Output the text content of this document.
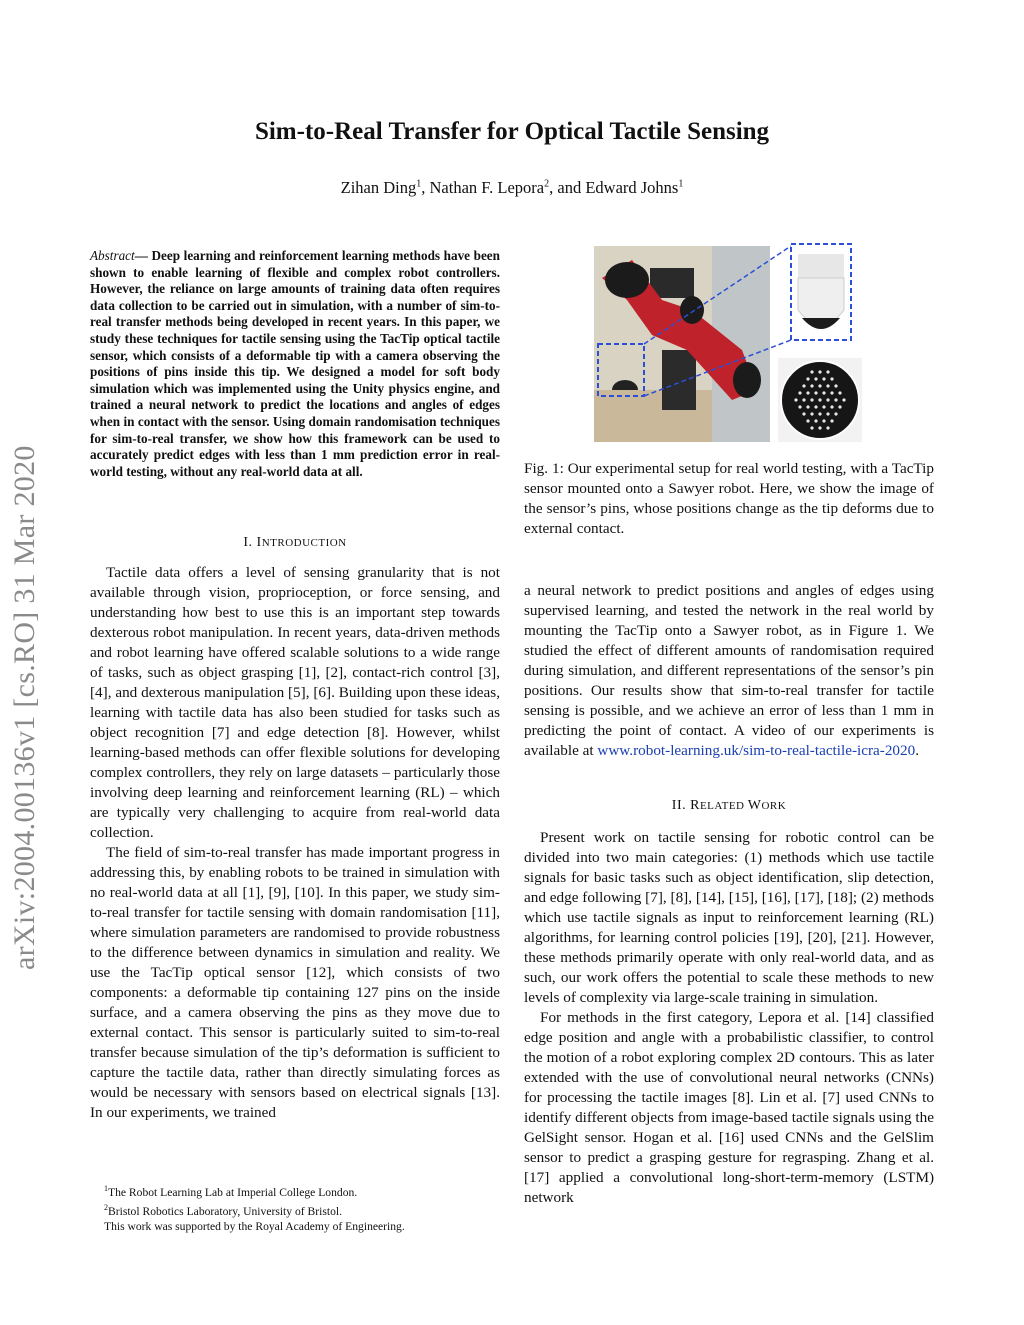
arXiv:2004.00136v1 [cs.RO] 31 Mar 2020
Sim-to-Real Transfer for Optical Tactile Sensing
Zihan Ding$^1$, Nathan F. Lepora$^2$, and Edward Johns$^1$
Abstract— Deep learning and reinforcement learning methods have been shown to enable learning of flexible and complex robot controllers. However, the reliance on large amounts of training data often requires data collection to be carried out in simulation, with a number of sim-to-real transfer methods being developed in recent years. In this paper, we study these techniques for tactile sensing using the TacTip optical tactile sensor, which consists of a deformable tip with a camera observing the positions of pins inside this tip. We designed a model for soft body simulation which was implemented using the Unity physics engine, and trained a neural network to predict the locations and angles of edges when in contact with the sensor. Using domain randomisation techniques for sim-to-real transfer, we show how this framework can be used to accurately predict edges with less than 1 mm prediction error in real-world testing, without any real-world data at all.
I. INTRODUCTION

Tactile data offers a level of sensing granularity that is not available through vision, proprioception, or force sensing, and understanding how best to use this is an important step towards dexterous robot manipulation. In recent years, data-driven methods and robot learning have offered scalable solutions to a wide range of tasks, such as object grasping [1], [2], contact-rich control [3], [4], and dexterous manipulation [5], [6]. Building upon these ideas, learning with tactile data has also been studied for tasks such as object recognition [7] and edge detection [8]. However, whilst learning-based methods can offer flexible solutions for developing complex controllers, they rely on large datasets – particularly those involving deep learning and reinforcement learning (RL) – which are typically very challenging to acquire from real-world data collection.

The field of sim-to-real transfer has made important progress in addressing this, by enabling robots to be trained in simulation with no real-world data at all [1], [9], [10]. In this paper, we study sim-to-real transfer for tactile sensing with domain randomisation [11], where simulation parameters are randomised to provide robustness to the difference between dynamics in simulation and reality. We use the TacTip optical sensor [12], which consists of two components: a deformable tip containing 127 pins on the inside surface, and a camera observing the pins as they move due to external contact. This sensor is particularly suited to sim-to-real transfer because simulation of the tip’s deformation is sufficient to capture the tactile data, rather than directly simulating forces as would be necessary with sensors based on electrical signals [13]. In our experiments, we trained

$^1$The Robot Learning Lab at Imperial College London.
$^2$Bristol Robotics Laboratory, University of Bristol.
This work was supported by the Royal Academy of Engineering.
Fig. 1: Our experimental setup for real world testing, with a TacTip sensor mounted onto a Sawyer robot. Here, we show the image of the sensor’s pins, whose positions change as the tip deforms due to external contact.
a neural network to predict positions and angles of edges using supervised learning, and tested the network in the real world by mounting the TacTip onto a Sawyer robot, as in Figure 1. We studied the effect of different amounts of randomisation required during simulation, and different representations of the sensor’s pin positions. Our results show that sim-to-real transfer for tactile sensing is possible, and we achieve an error of less than 1 mm in predicting the point of contact. A video of our experiments is available at www.robot-learning.uk/sim-to-real-tactile-icra-2020.
II. RELATED WORK

Present work on tactile sensing for robotic control can be divided into two main categories: (1) methods which use tactile signals for basic tasks such as object identification, slip detection, and edge following [7], [8], [14], [15], [16], [17], [18]; (2) methods which use tactile signals as input to reinforcement learning (RL) algorithms, for learning control policies [19], [20], [21]. However, these methods primarily operate with only real-world data, and as such, our work offers the potential to scale these methods to new levels of complexity via large-scale training in simulation.

For methods in the first category, Lepora et al. [14] classified edge position and angle with a probabilistic classifier, to control the motion of a robot exploring complex 2D contours. This as later extended with the use of convolutional neural networks (CNNs) for processing the tactile images [8]. Lin et al. [7] used CNNs to identify different objects from image-based tactile signals using the GelSight sensor. Hogan et al. [16] used CNNs and the GelSlim sensor to predict a grasping gesture for regrasping. Zhang et al. [17] applied a convolutional long-short-term-memory (LSTM) network
